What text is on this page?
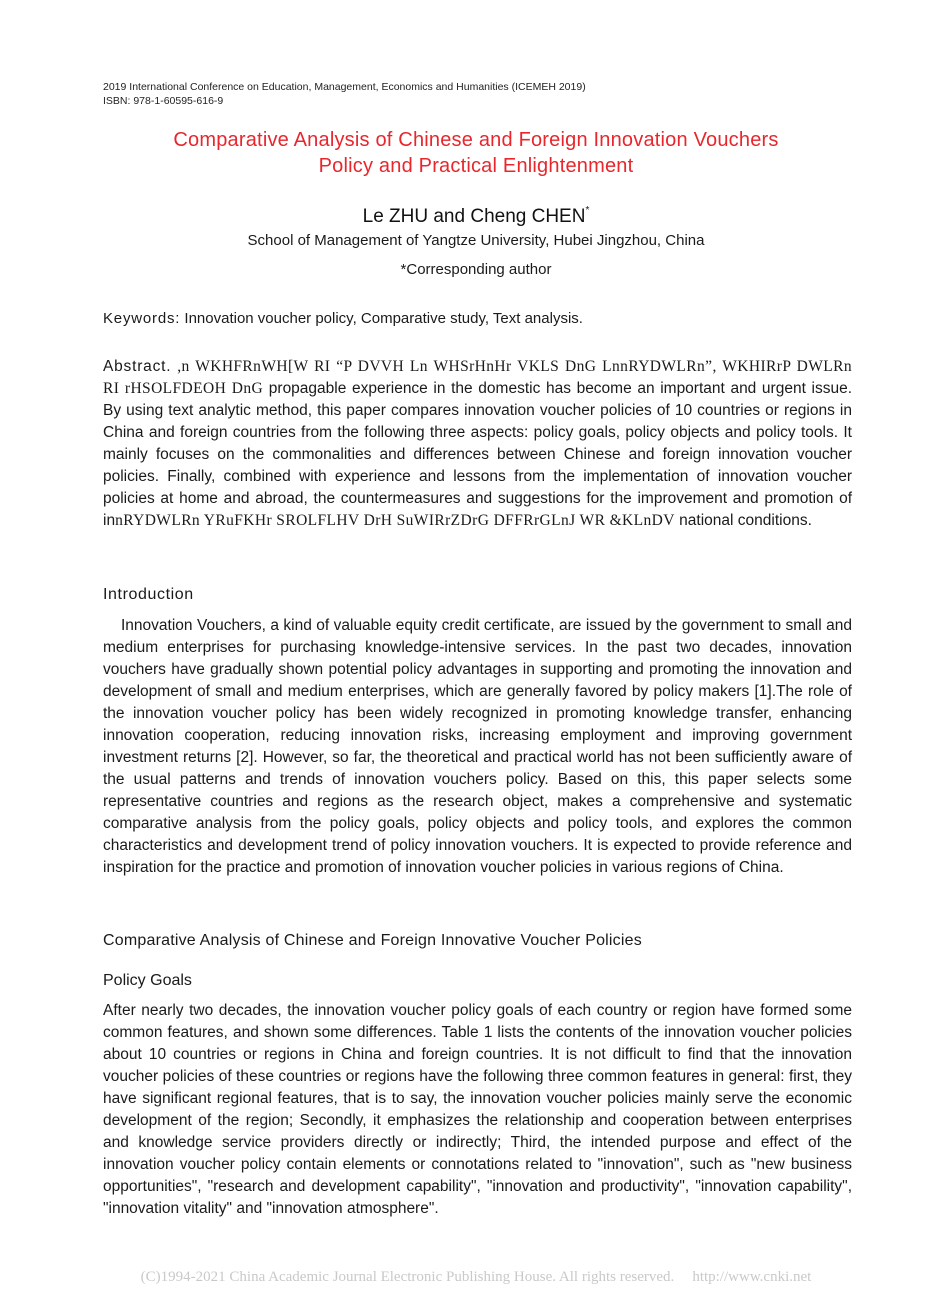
2019 International Conference on Education, Management, Economics and Humanities (ICEMEH 2019)
ISBN: 978-1-60595-616-9
Comparative Analysis of Chinese and Foreign Innovation Vouchers
Policy and Practical Enlightenment
Le ZHU and Cheng CHEN*
School of Management of Yangtze University, Hubei Jingzhou, China
*Corresponding author
Keywords: Innovation voucher policy, Comparative study, Text analysis.

Abstract. ,n WKHFRnWH[W RI “P DVVH Ln WHSrHnHr VKLS DnG LnnRYDWLRn”, WKHIRrP DWLRn RI rHSOLFDEOH DnG propagable experience in the domestic has become an important and urgent issue. By using text analytic method, this paper compares innovation voucher policies of 10 countries or regions in China and foreign countries from the following three aspects: policy goals, policy objects and policy tools. It mainly focuses on the commonalities and differences between Chinese and foreign innovation voucher policies. Finally, combined with experience and lessons from the implementation of innovation voucher policies at home and abroad, the countermeasures and suggestions for the improvement and promotion of innRYDWLRn YRuFKHr SROLFLHV DrH SuWIRrZDrG DFFRrGLnJ WR &KLnDV national conditions.

Introduction

Innovation Vouchers, a kind of valuable equity credit certificate, are issued by the government to small and medium enterprises for purchasing knowledge-intensive services. In the past two decades, innovation vouchers have gradually shown potential policy advantages in supporting and promoting the innovation and development of small and medium enterprises, which are generally favored by policy makers [1].The role of the innovation voucher policy has been widely recognized in promoting knowledge transfer, enhancing innovation cooperation, reducing innovation risks, increasing employment and improving government investment returns [2]. However, so far, the theoretical and practical world has not been sufficiently aware of the usual patterns and trends of innovation vouchers policy. Based on this, this paper selects some representative countries and regions as the research object, makes a comprehensive and systematic comparative analysis from the policy goals, policy objects and policy tools, and explores the common characteristics and development trend of policy innovation vouchers. It is expected to provide reference and inspiration for the practice and promotion of innovation voucher policies in various regions of China.

Comparative Analysis of Chinese and Foreign Innovative Voucher Policies
Policy Goals

After nearly two decades, the innovation voucher policy goals of each country or region have formed some common features, and shown some differences. Table 1 lists the contents of the innovation voucher policies about 10 countries or regions in China and foreign countries. It is not difficult to find that the innovation voucher policies of these countries or regions have the following three common features in general: first, they have significant regional features, that is to say, the innovation voucher policies mainly serve the economic development of the region; Secondly, it emphasizes the relationship and cooperation between enterprises and knowledge service providers directly or indirectly; Third, the intended purpose and effect of the innovation voucher policy contain elements or connotations related to "innovation", such as "new business opportunities", "research and development capability", "innovation and productivity", "innovation capability", "innovation vitality" and "innovation atmosphere".

(C)1994-2021 China Academic Journal Electronic Publishing House. All rights reserved. http://www.cnki.net
